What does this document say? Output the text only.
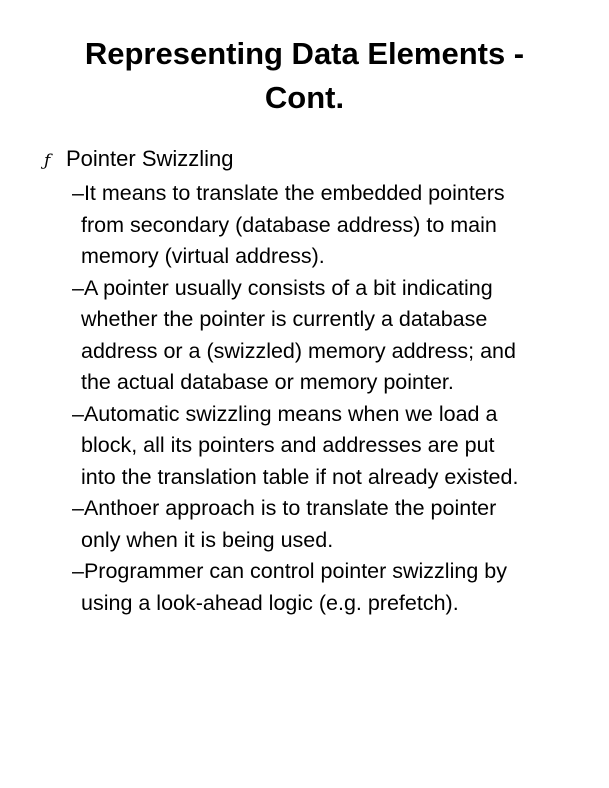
Representing Data Elements -
Cont.
ƒ Pointer Swizzling
–It means to translate the embedded pointers
from secondary (database address) to main
memory (virtual address).
–A pointer usually consists of a bit indicating
whether the pointer is currently a database
address or a (swizzled) memory address; and
the actual database or memory pointer.
–Automatic swizzling means when we load a
block, all its pointers and addresses are put
into the translation table if not already existed.
–Anthoer approach is to translate the pointer
only when it is being used.
–Programmer can control pointer swizzling by
using a look-ahead logic (e.g. prefetch).
